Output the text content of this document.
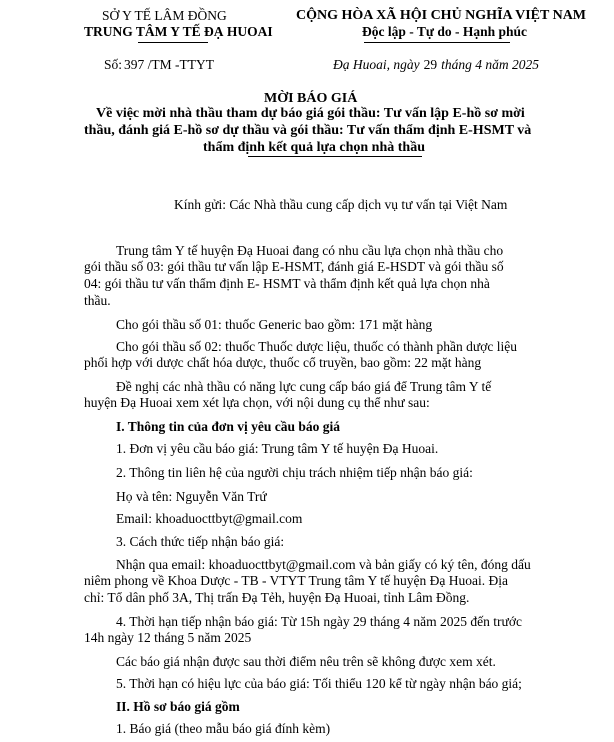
SỞ Y TẾ LÂM ĐỒNG
TRUNG TÂM Y TẾ ĐẠ HUOAI
CỘNG HÒA XÃ HỘI CHỦ NGHĨA VIỆT NAM
Độc lập - Tự do - Hạnh phúc
Số: 397 /TM -TTYT	Đạ Huoai, ngày 29 tháng 4 năm 2025
MỜI BÁO GIÁ
Về việc mời nhà thầu tham dự báo giá gói thầu: Tư vấn lập E-hồ sơ mời
thầu, đánh giá E-hồ sơ dự thầu và gói thầu: Tư vấn thẩm định E-HSMT và
thẩm định kết quả lựa chọn nhà thầu
Kính gửi: Các Nhà thầu cung cấp dịch vụ tư vấn tại Việt Nam
Trung tâm Y tế huyện Đạ Huoai đang có nhu cầu lựa chọn nhà thầu cho
gói thầu số 03: gói thầu tư vấn lập E-HSMT, đánh giá E-HSDT và gói thầu số
04: gói thầu tư vấn thẩm định E- HSMT và thẩm định kết quả lựa chọn nhà
thầu.
Cho gói thầu số 01: thuốc Generic bao gồm: 171 mặt hàng
Cho gói thầu số 02: thuốc Thuốc dược liệu, thuốc có thành phần dược liệu
phối hợp với dược chất hóa dược, thuốc cổ truyền, bao gồm: 22 mặt hàng
Đề nghị các nhà thầu có năng lực cung cấp báo giá để Trung tâm Y tế
huyện Đạ Huoai xem xét lựa chọn, với nội dung cụ thể như sau:
I. Thông tin của đơn vị yêu cầu báo giá
1. Đơn vị yêu cầu báo giá: Trung tâm Y tế huyện Đạ Huoai.
2. Thông tin liên hệ của người chịu trách nhiệm tiếp nhận báo giá:
Họ và tên: Nguyễn Văn Trứ
Email: khoaduocttbyt@gmail.com
3. Cách thức tiếp nhận báo giá:
Nhận qua email: khoaduocttbyt@gmail.com và bản giấy có ký tên, đóng dấu
niêm phong về Khoa Dược - TB - VTYT Trung tâm Y tế huyện Đạ Huoai. Địa
chỉ: Tổ dân phố 3A, Thị trấn Đạ Tẻh, huyện Đạ Huoai, tỉnh Lâm Đồng.
4. Thời hạn tiếp nhận báo giá: Từ 15h ngày 29 tháng 4 năm 2025 đến trước
14h ngày 12 tháng 5 năm 2025
Các báo giá nhận được sau thời điểm nêu trên sẽ không được xem xét.
5. Thời hạn có hiệu lực của báo giá: Tối thiểu 120 kể từ ngày nhận báo giá;
II. Hồ sơ báo giá gồm
1. Báo giá (theo mẫu báo giá đính kèm)
